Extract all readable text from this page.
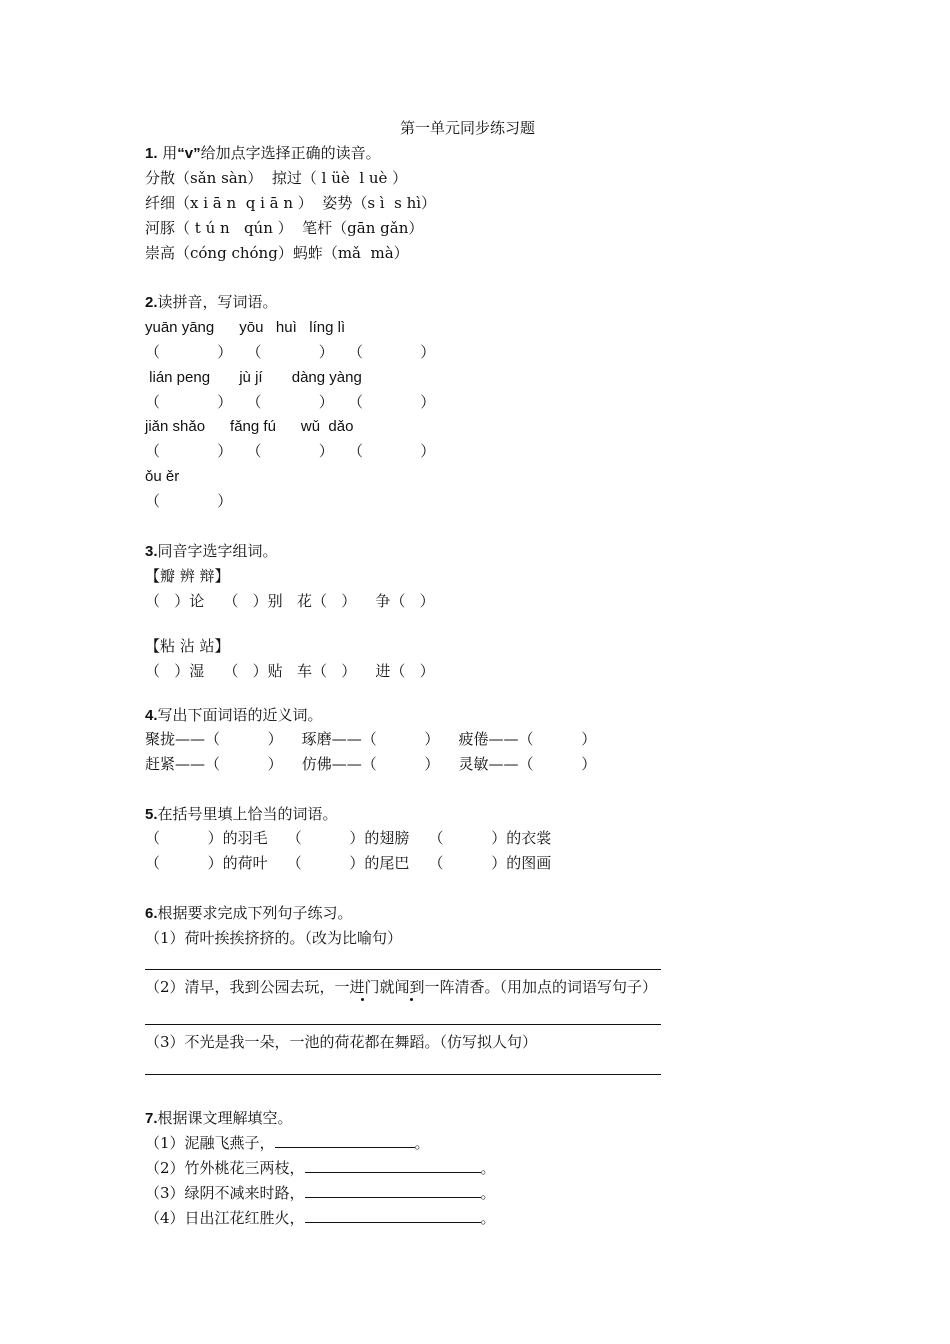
第一单元同步练习题
1. 用“v”给加点字选择正确的读音。
分散（sǎn sàn）  掠过（ l üè  l uè ）
纤细（x i ā n  q i ā n ）  姿势（s ì  s hì）
河豚（ t ú n   qún ）  笔杆（gān gǎn）
崇高（cóng chóng）蚂蚱（mǎ  mà）
2.读拼音，写词语。
yuān yāng      yōu   huì   líng lì
（            ）   （            ）   （            ）
lián peng       jù jí       dàng yàng
（            ）   （            ）   （            ）
jiǎn shǎo      fǎng fú      wǔ  dǎo
（            ）   （            ）   （            ）
ǒu ěr
（            ）
3.同音字选字组词。
【瓣 辨 辩】
（   ）论    （   ）别   花（   ）    争（   ）
【粘 沾 站】
（   ）湿    （   ）贴   车（   ）    进（   ）
4.写出下面词语的近义词。
聚拢——（          ）    琢磨——（          ）    疲倦——（          ）
赶紧——（          ）    仿佛——（          ）    灵敏——（          ）
5.在括号里填上恰当的词语。
（          ）的羽毛    （          ）的翅膀    （          ）的衣裳
（          ）的荷叶    （          ）的尾巴    （          ）的图画
6.根据要求完成下列句子练习。
（1）荷叶挨挨挤挤的。（改为比喻句）
（2）清早，我到公园去玩，一进门就闻到一阵清香。（用加点的词语写句子）
（3）不光是我一朵，一池的荷花都在舞蹈。（仿写拟人句）
7.根据课文理解填空。
（1）泥融飞燕子，	。
（2）竹外桃花三两枝，	。
（3）绿阴不减来时路，	。
（4）日出江花红胜火，	。
